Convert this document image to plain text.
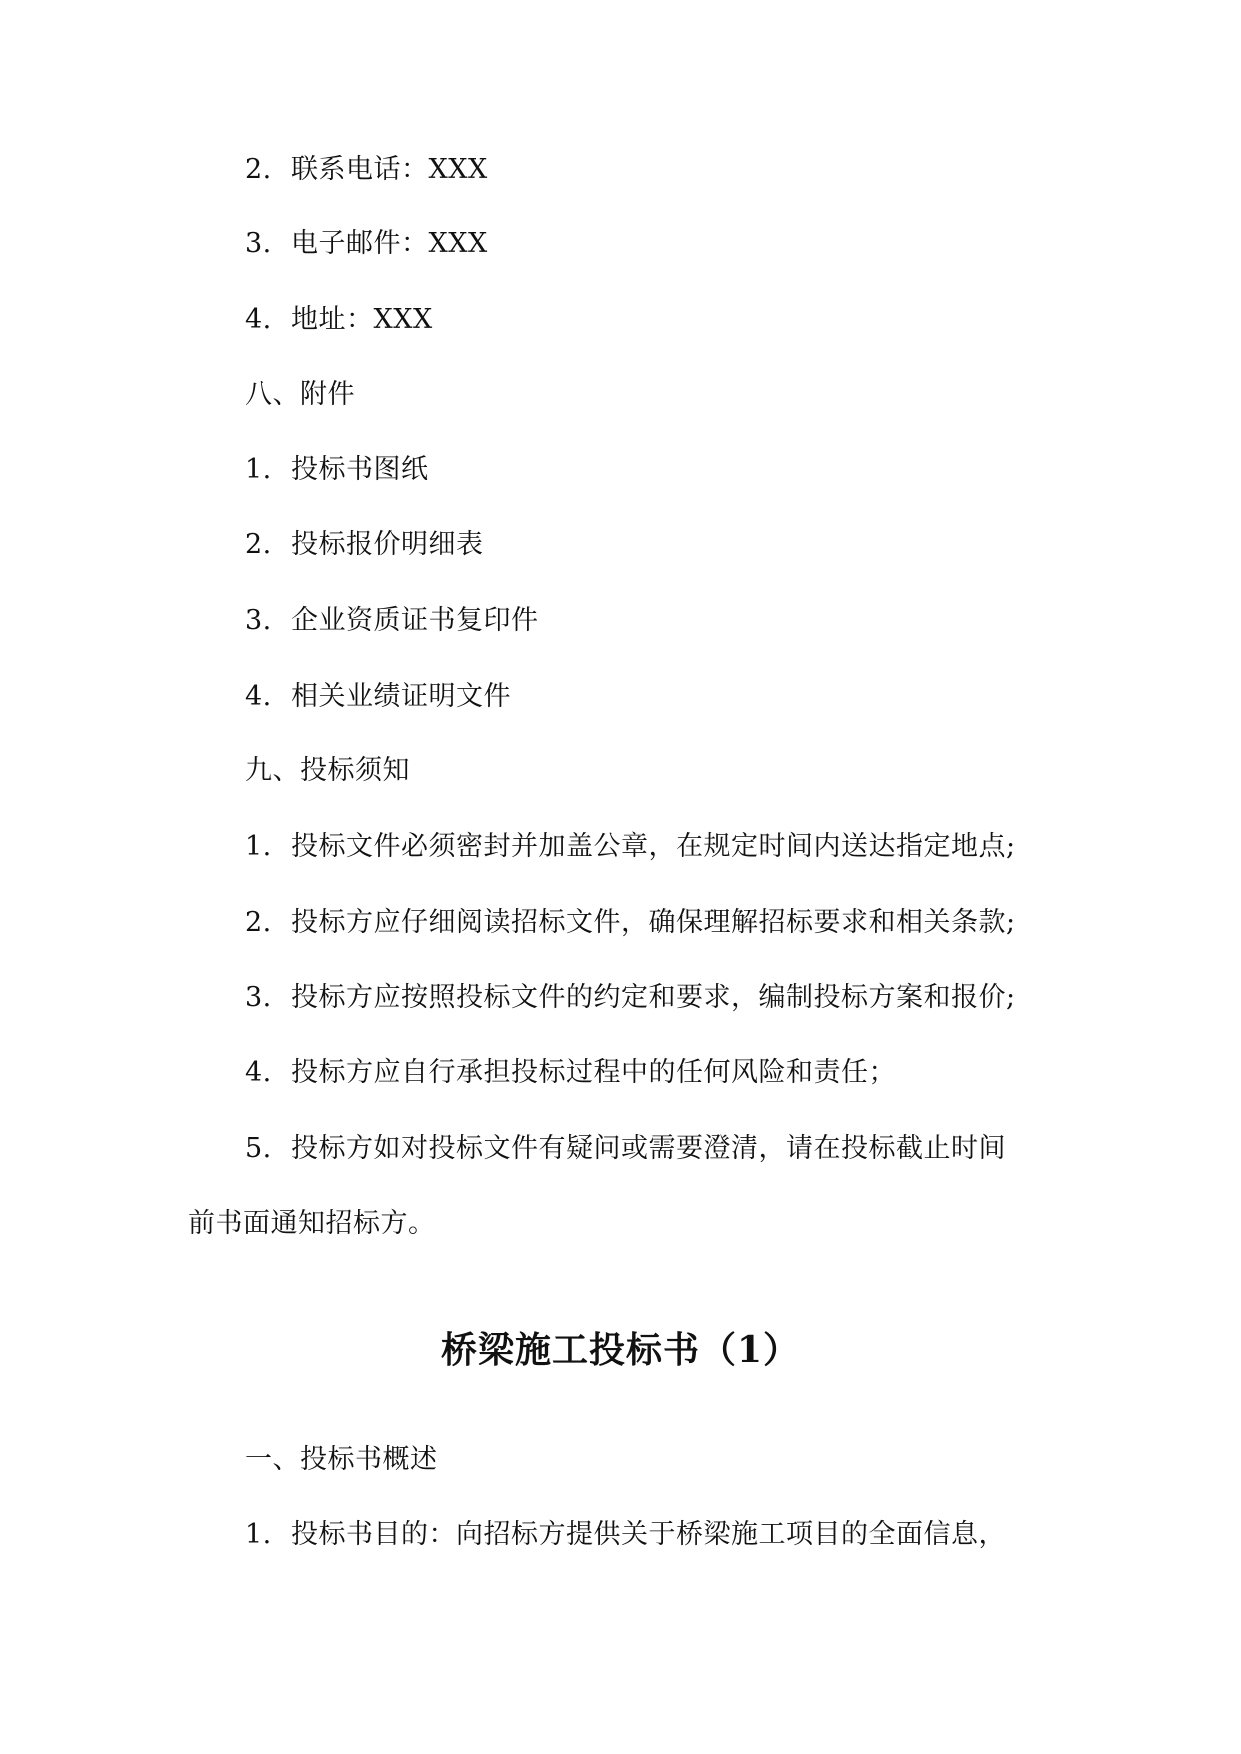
2. 联系电话：XXX
3. 电子邮件：XXX
4. 地址：XXX
八、附件
1. 投标书图纸
2. 投标报价明细表
3. 企业资质证书复印件
4. 相关业绩证明文件
九、投标须知
1. 投标文件必须密封并加盖公章，在规定时间内送达指定地点;
2. 投标方应仔细阅读招标文件，确保理解招标要求和相关条款;
3. 投标方应按照投标文件的约定和要求，编制投标方案和报价;
4. 投标方应自行承担投标过程中的任何风险和责任；
5. 投标方如对投标文件有疑问或需要澄清，请在投标截止时间
前书面通知招标方。
桥梁施工投标书（1）
一、投标书概述
1. 投标书目的：向招标方提供关于桥梁施工项目的全面信息，
